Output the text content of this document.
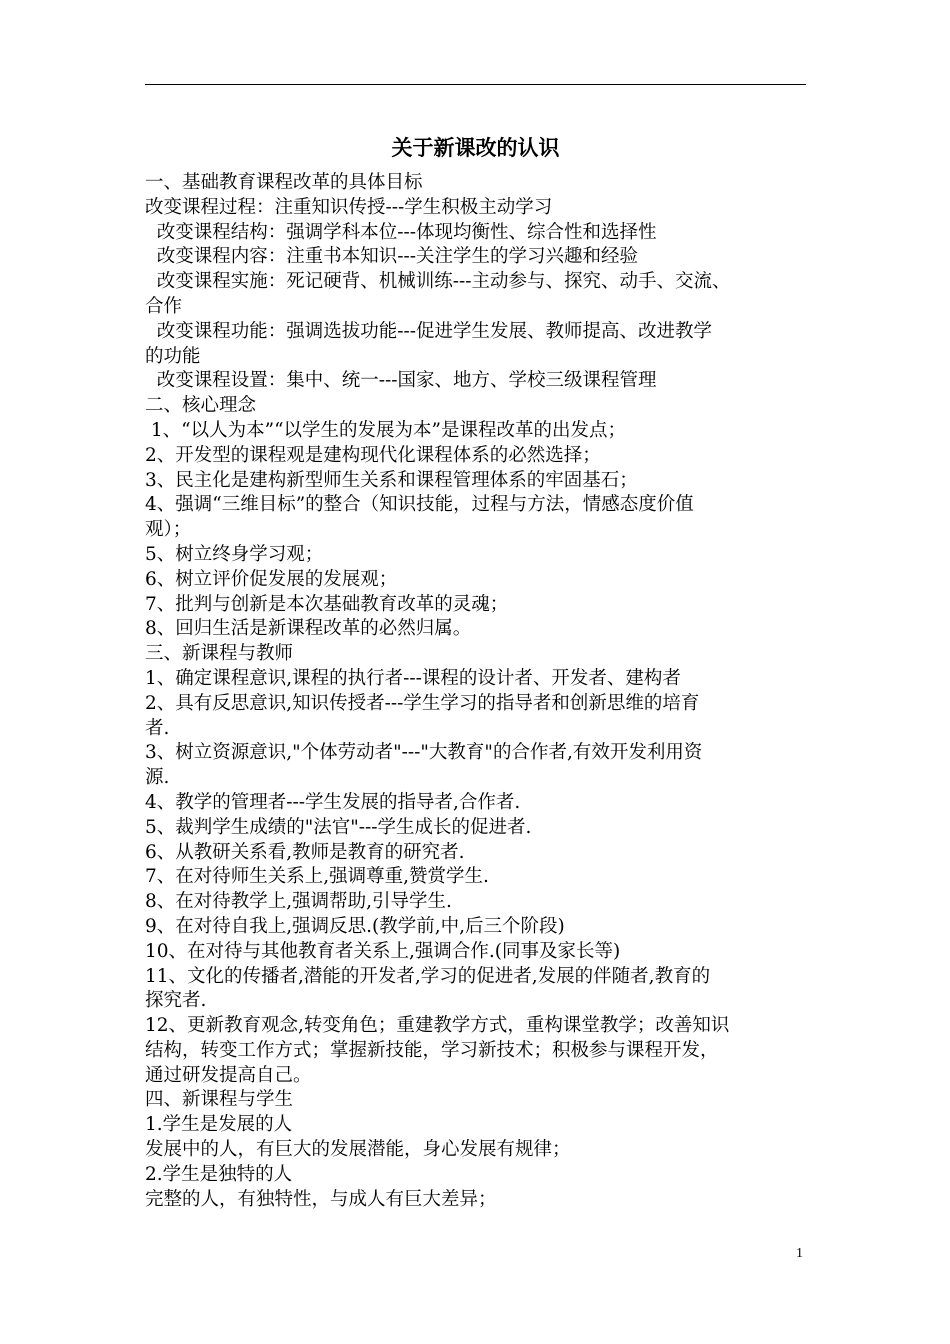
关于新课改的认识
一、基础教育课程改革的具体目标
改变课程过程：注重知识传授---学生积极主动学习
改变课程结构：强调学科本位---体现均衡性、综合性和选择性
改变课程内容：注重书本知识---关注学生的学习兴趣和经验
改变课程实施：死记硬背、机械训练---主动参与、探究、动手、交流、
合作
改变课程功能：强调选拔功能---促进学生发展、教师提高、改进教学
的功能
改变课程设置：集中、统一---国家、地方、学校三级课程管理
二、核心理念
1、“以人为本”“以学生的发展为本”是课程改革的出发点；
2、开发型的课程观是建构现代化课程体系的必然选择；
3、民主化是建构新型师生关系和课程管理体系的牢固基石；
4、强调“三维目标”的整合（知识技能，过程与方法，情感态度价值
观）；
5、树立终身学习观；
6、树立评价促发展的发展观；
7、批判与创新是本次基础教育改革的灵魂；
8、回归生活是新课程改革的必然归属。
三、新课程与教师
1、确定课程意识,课程的执行者---课程的设计者、开发者、建构者
2、具有反思意识,知识传授者---学生学习的指导者和创新思维的培育
者.
3、树立资源意识,"个体劳动者"---"大教育"的合作者,有效开发利用资
源.
4、教学的管理者---学生发展的指导者,合作者.
5、裁判学生成绩的"法官"---学生成长的促进者.
6、从教研关系看,教师是教育的研究者.
7、在对待师生关系上,强调尊重,赞赏学生.
8、在对待教学上,强调帮助,引导学生.
9、在对待自我上,强调反思.(教学前,中,后三个阶段)
10、在对待与其他教育者关系上,强调合作.(同事及家长等)
11、文化的传播者,潜能的开发者,学习的促进者,发展的伴随者,教育的
探究者.
12、更新教育观念,转变角色；重建教学方式，重构课堂教学；改善知识
结构，转变工作方式；掌握新技能，学习新技术；积极参与课程开发，
通过研发提高自己。
四、新课程与学生
1.学生是发展的人
发展中的人，有巨大的发展潜能，身心发展有规律；
2.学生是独特的人
完整的人，有独特性，与成人有巨大差异；
1
